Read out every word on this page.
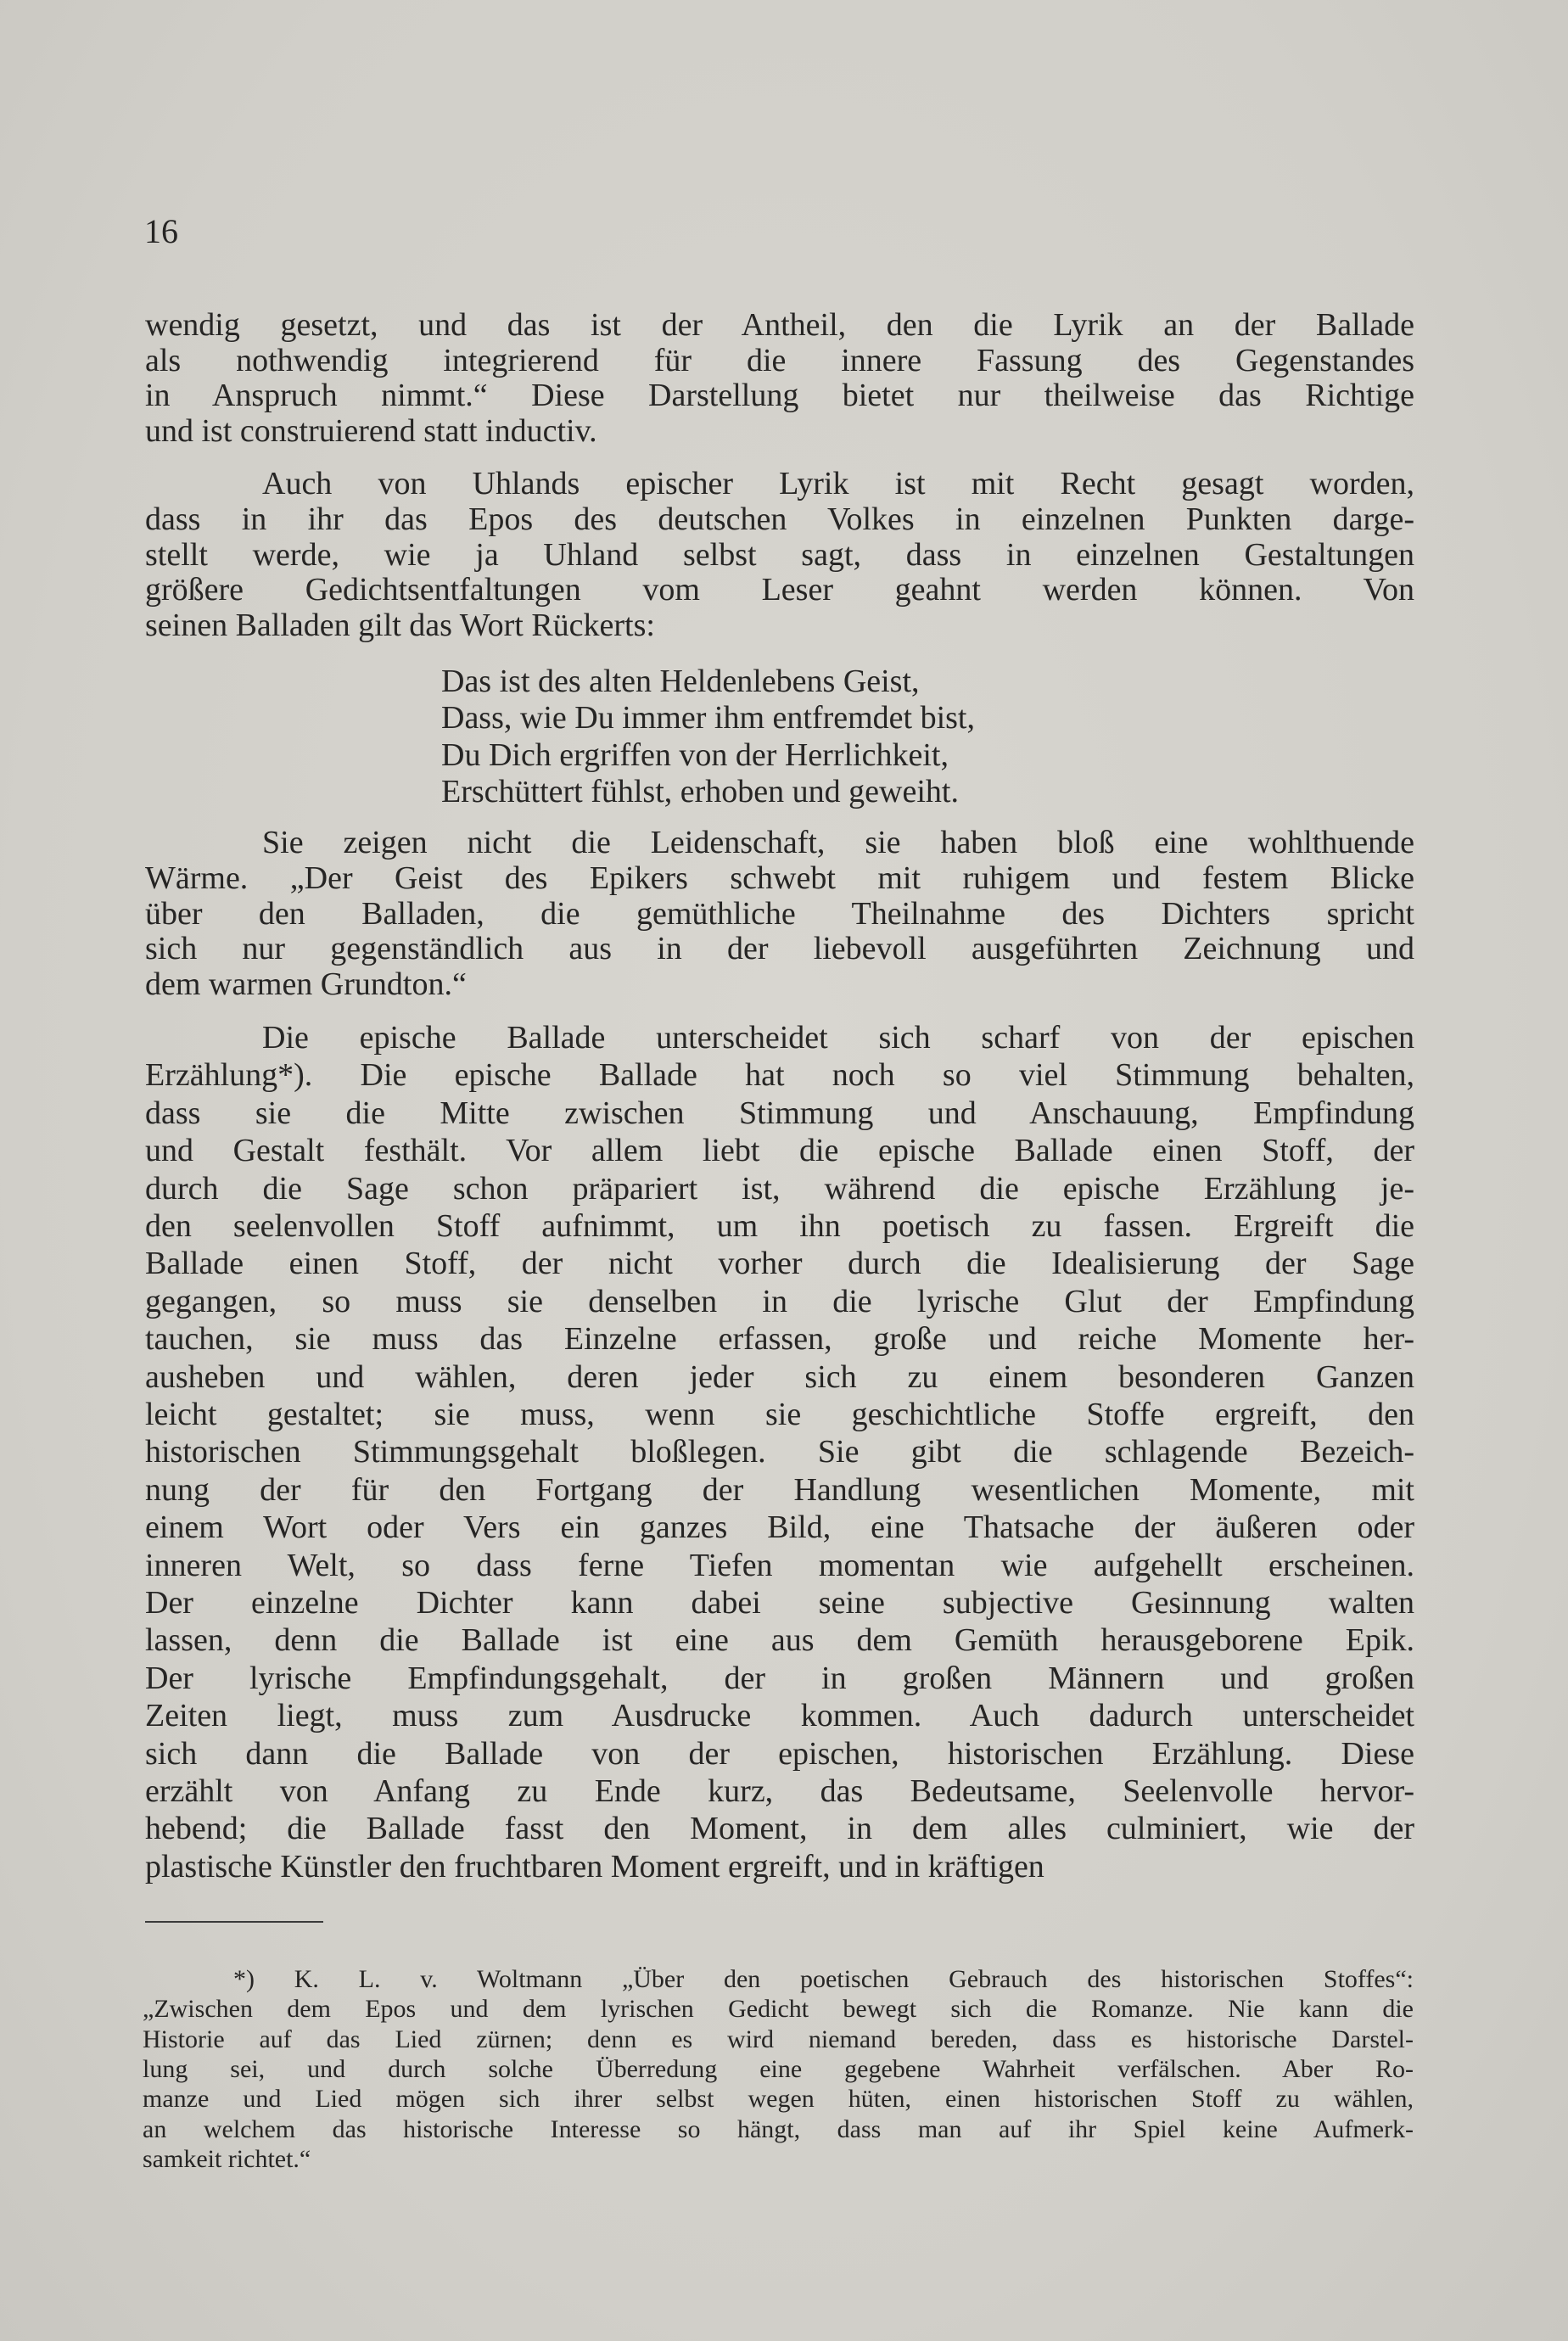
16
wendig gesetzt, und das ist der Antheil, den die Lyrik an der Ballade
als nothwendig integrierend für die innere Fassung des Gegenstandes
in Anspruch nimmt.“ Diese Darstellung bietet nur theilweise das Richtige
und ist construierend statt inductiv.
Auch von Uhlands epischer Lyrik ist mit Recht gesagt worden,
dass in ihr das Epos des deutschen Volkes in einzelnen Punkten darge-
stellt werde, wie ja Uhland selbst sagt, dass in einzelnen Gestaltungen
größere Gedichtsentfaltungen vom Leser geahnt werden können. Von
seinen Balladen gilt das Wort Rückerts:
Das ist des alten Heldenlebens Geist,
Dass, wie Du immer ihm entfremdet bist,
Du Dich ergriffen von der Herrlichkeit,
Erschüttert fühlst, erhoben und geweiht.
Sie zeigen nicht die Leidenschaft, sie haben bloß eine wohlthuende
Wärme. „Der Geist des Epikers schwebt mit ruhigem und festem Blicke
über den Balladen, die gemüthliche Theilnahme des Dichters spricht
sich nur gegenständlich aus in der liebevoll ausgeführten Zeichnung und
dem warmen Grundton.“
Die epische Ballade unterscheidet sich scharf von der epischen
Erzählung*). Die epische Ballade hat noch so viel Stimmung behalten,
dass sie die Mitte zwischen Stimmung und Anschauung, Empfindung
und Gestalt festhält. Vor allem liebt die epische Ballade einen Stoff, der
durch die Sage schon präpariert ist, während die epische Erzählung je-
den seelenvollen Stoff aufnimmt, um ihn poetisch zu fassen. Ergreift die
Ballade einen Stoff, der nicht vorher durch die Idealisierung der Sage
gegangen, so muss sie denselben in die lyrische Glut der Empfindung
tauchen, sie muss das Einzelne erfassen, große und reiche Momente her-
ausheben und wählen, deren jeder sich zu einem besonderen Ganzen
leicht gestaltet; sie muss, wenn sie geschichtliche Stoffe ergreift, den
historischen Stimmungsgehalt bloßlegen. Sie gibt die schlagende Bezeich-
nung der für den Fortgang der Handlung wesentlichen Momente, mit
einem Wort oder Vers ein ganzes Bild, eine Thatsache der äußeren oder
inneren Welt, so dass ferne Tiefen momentan wie aufgehellt erscheinen.
Der einzelne Dichter kann dabei seine subjective Gesinnung walten
lassen, denn die Ballade ist eine aus dem Gemüth herausgeborene Epik.
Der lyrische Empfindungsgehalt, der in großen Männern und großen
Zeiten liegt, muss zum Ausdrucke kommen. Auch dadurch unterscheidet
sich dann die Ballade von der epischen, historischen Erzählung. Diese
erzählt von Anfang zu Ende kurz, das Bedeutsame, Seelenvolle hervor-
hebend; die Ballade fasst den Moment, in dem alles culminiert, wie der
plastische Künstler den fruchtbaren Moment ergreift, und in kräftigen
*) K. L. v. Woltmann „Über den poetischen Gebrauch des historischen Stoffes“:
„Zwischen dem Epos und dem lyrischen Gedicht bewegt sich die Romanze. Nie kann die
Historie auf das Lied zürnen; denn es wird niemand bereden, dass es historische Darstel-
lung sei, und durch solche Überredung eine gegebene Wahrheit verfälschen. Aber Ro-
manze und Lied mögen sich ihrer selbst wegen hüten, einen historischen Stoff zu wählen,
an welchem das historische Interesse so hängt, dass man auf ihr Spiel keine Aufmerk-
samkeit richtet.“
